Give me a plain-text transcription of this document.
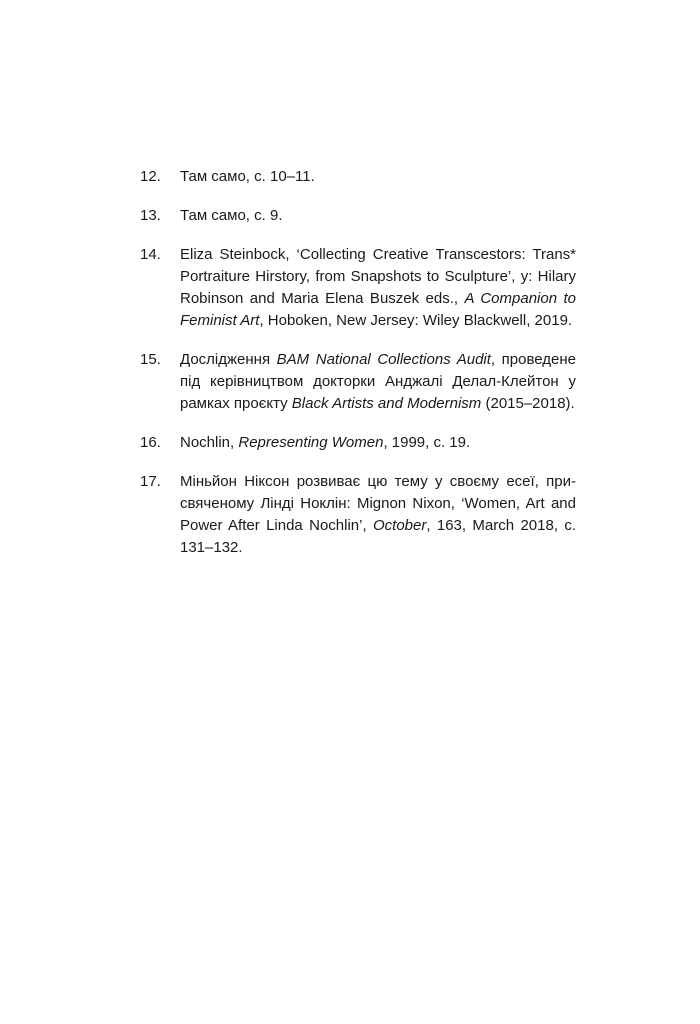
12.	Там само, с. 10–11.
13.	Там само, с. 9.
14.	Eliza Steinbock, ‘Collecting Creative Transcestors: Trans* Portraiture Hirstory, from Snapshots to Sculpture’, у: Hilary Robinson and Maria Elena Buszek eds., A Companion to Feminist Art, Hoboken, New Jersey: Wiley Blackwell, 2019.
15.	Дослідження BAM National Collections Audit, проведене під керівництвом докторки Анджалі Делал-Клейтон у рамках проєкту Black Artists and Modernism (2015–2018).
16.	Nochlin, Representing Women, 1999, с. 19.
17.	Міньйон Ніксон розвиває цю тему у своєму есеї, присвяченому Лінді Ноклін: Mignon Nixon, ‘Women, Art and Power After Linda Nochlin’, October, 163, March 2018, с. 131–132.
